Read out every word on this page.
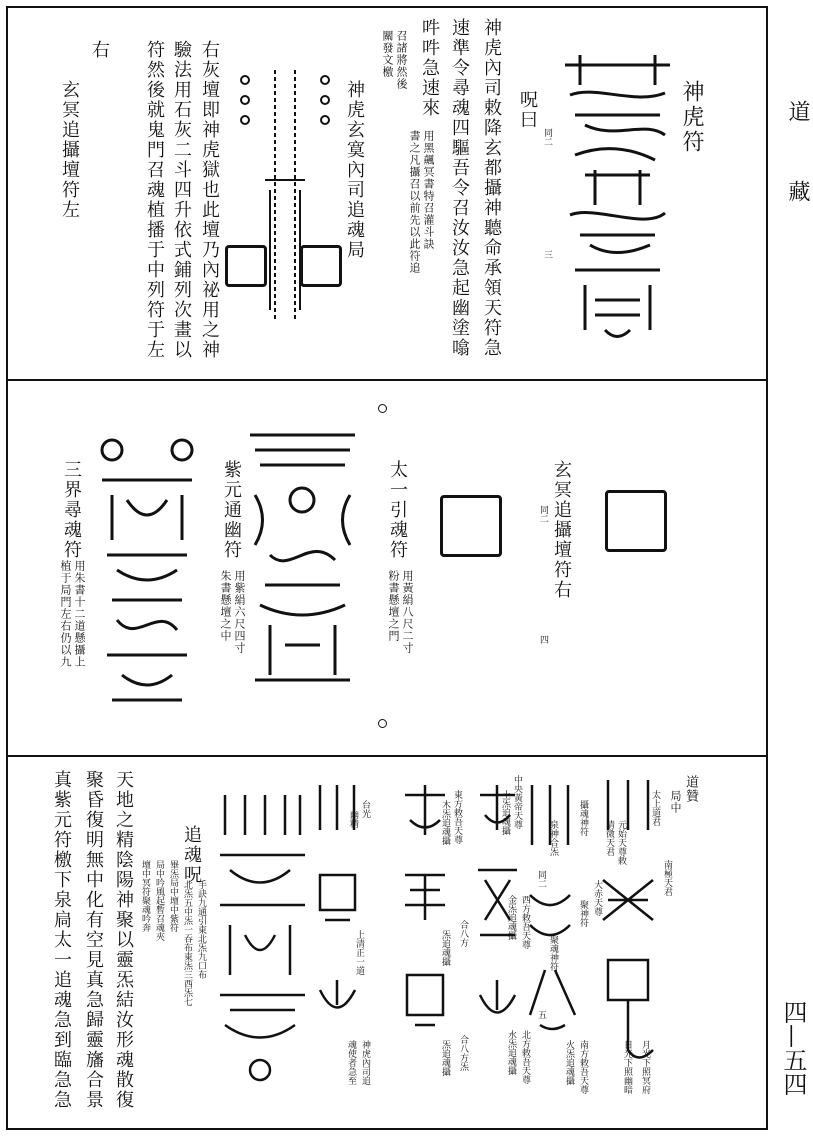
道
藏
四—五四
神虎符
同二
三
呪曰
神虎內司敕降玄都攝神聽命承領天符急
速準令尋魂四驅吾令召汝汝急起幽塗噏
吽吽急速來
用黑飆冥書特召灌斗訣
書之凡攝召以前先以此符追
召諸將然後
關發文檄
神虎玄寞內司追魂局
右灰壇即神虎獄也此壇乃內祕用之神
驗法用石灰二斗四升依式鋪列次畫以
符然後就鬼門召魂植播于中列符于左
右
玄冥追攝壇符左
玄冥追攝壇符右
同二
四
太一引魂符
用黃絹八尺二寸
粉書懸壇之門
紫元通幽符
用紫絹六尺四寸
朱書懸壇之中
三界尋魂符
用朱書十二道懸攝上
植于局門左右仍以九
道贊
局中
太上道君
南極天君
元始天尊敕
清微天君
大赤天尊
月光下照冥府
日光下照幽暗
攝魂神符
泉神合炁
聚神符
聚魂神符
南方敕吾天尊
火炁追魂攝
中央黃帝天尊
土炁追魂攝
西方敕吾天尊
金炁追魂攝
北方敕吾天尊
水炁追魂攝
同二
五
東方敕吾天尊
木炁追魂攝
合八方
炁追魂攝
合八方炁
炁追魂攝
台光
幽精
上清正一道
神虎內司追
魂使者急至
追魂呪
手訣九通引東北炁九口布
北炁五中炁一吞布東炁三西炁七
畢炁局中壇中紫符
局中吟風起暫召魂夾
壇中冥符聚魂吟奔
天地之精陰陽神聚以靈炁結汝形魂散復
聚昏復明無中化有空見真急歸靈旛合景
真紫元符檄下泉扃太一追魂急到臨急急
